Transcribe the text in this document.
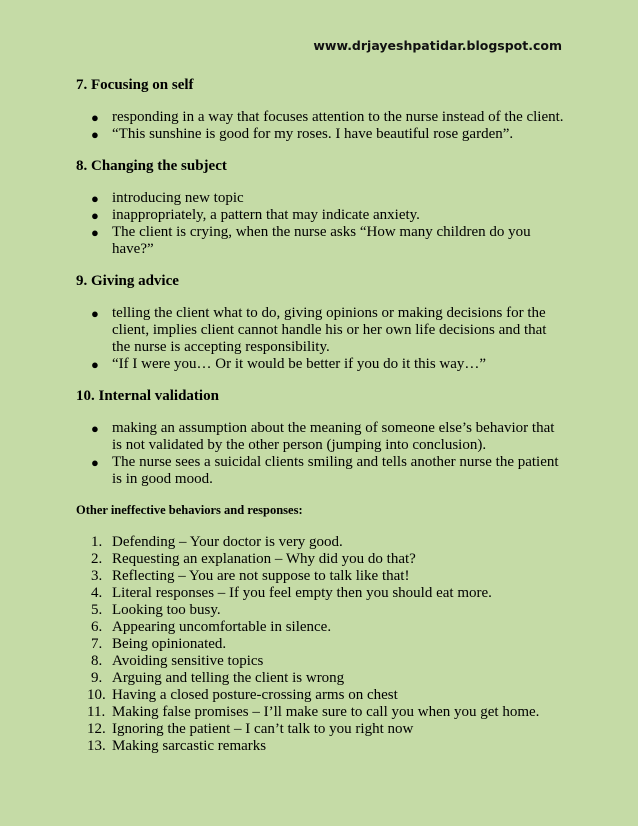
www.drjayeshpatidar.blogspot.com
7. Focusing on self
● responding in a way that focuses attention to the nurse instead of the client.
● “This sunshine is good for my roses. I have beautiful rose garden”.
8. Changing the subject
● introducing new topic
● inappropriately, a pattern that may indicate anxiety.
● The client is crying, when the nurse asks “How many children do you have?”
9. Giving advice
● telling the client what to do, giving opinions or making decisions for the client, implies client cannot handle his or her own life decisions and that the nurse is accepting responsibility.
● “If I were you… Or it would be better if you do it this way…”
10. Internal validation
● making an assumption about the meaning of someone else’s behavior that is not validated by the other person (jumping into conclusion).
● The nurse sees a suicidal clients smiling and tells another nurse the patient is in good mood.
Other ineffective behaviors and responses:
1. Defending – Your doctor is very good.
2. Requesting an explanation – Why did you do that?
3. Reflecting – You are not suppose to talk like that!
4. Literal responses – If you feel empty then you should eat more.
5. Looking too busy.
6. Appearing uncomfortable in silence.
7. Being opinionated.
8. Avoiding sensitive topics
9. Arguing and telling the client is wrong
10. Having a closed posture-crossing arms on chest
11. Making false promises – I’ll make sure to call you when you get home.
12. Ignoring the patient – I can’t talk to you right now
13. Making sarcastic remarks
